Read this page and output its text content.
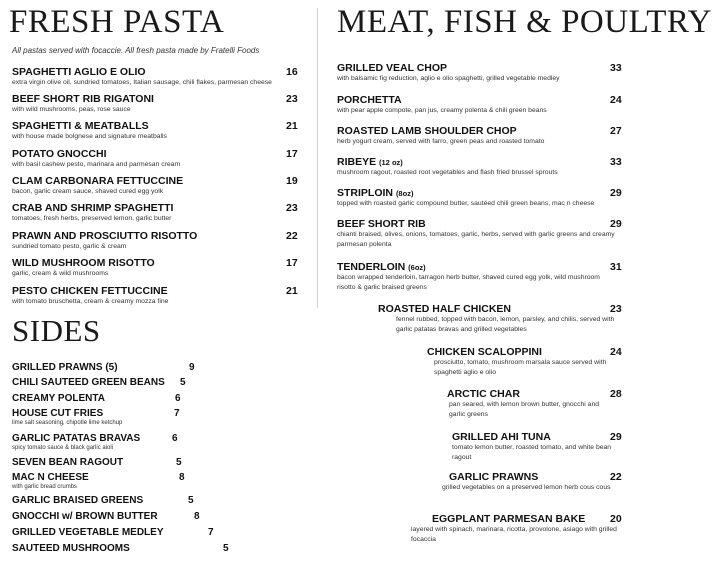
FRESH PASTA
All pastas served with focaccie. All fresh pasta made by Fratelli Foods
MEAT, FISH & POULTRY
SIDES
SPAGHETTI AGLIO E OLIO	16
extra virgin olive oil, sundried tomatoes, Italian sausage, chili flakes, parmesan cheese
BEEF SHORT RIB RIGATONI	23
with wild mushrooms, peas, rose sauce
SPAGHETTI & MEATBALLS	21
with house made bolgnese and signature meatballs
POTATO GNOCCHI	17
with basil cashew pesto, marinara and parmesan cream
CLAM CARBONARA FETTUCCINE	19
bacon, garlic cream sauce, shaved cured egg yolk
CRAB AND SHRIMP SPAGHETTI	23
tomatoes, fresh herbs, preserved lemon, garlic butter
PRAWN AND PROSCIUTTO RISOTTO	22
sundried tomato pesto, garlic & cream
WILD MUSHROOM RISOTTO	17
garlic, cream & wild mushrooms
PESTO CHICKEN FETTUCCINE	21
with tomato bruschetta, cream & creamy mozza fine
GRILLED VEAL CHOP	33
with balsamic fig reduction, aglio e olio spaghetti, grilled vegetable medley
PORCHETTA	24
with pear apple compote, pan jus, creamy polenta & chili green beans
ROASTED LAMB SHOULDER CHOP	27
herb yogurt cream, served with farro, green peas and roasted tomato
RIBEYE (12 oz)	33
mushroom ragout, roasted root vegetables and flash fried brussel sprouts
STRIPLOIN (8oz)	29
topped with roasted garlic compound butter, sautéed chili green beans, mac n cheese
BEEF SHORT RIB	29
chianti braised, olives, onions, tomatoes, garlic, herbs, served with garlic greens and creamy parmesan polenta
TENDERLOIN (6oz)	31
bacon wrapped tenderloin, tarragon herb butter, shaved cured egg yolk, wild mushroom risotto & garlic braised greens
ROASTED HALF CHICKEN	23
fennel rubbed, topped with bacon, lemon, parsley, and chilis, served with garlic patatas bravas and grilled vegetables
CHICKEN SCALOPPINI	24
prosciutto, tomato, mushroom marsala sauce served with spaghetti aglio e olio
ARCTIC CHAR	28
pan seared, with lemon brown butter, gnocchi and garlic greens
GRILLED AHI TUNA	29
tomato lemon butter, roasted tomato, and white bean ragout
GARLIC PRAWNS	22
grilled vegetables on a preserved lemon herb cous cous
EGGPLANT PARMESAN BAKE 20
layered with spinach, marinara, ricotta, provolone, asiago with grilled focaccia
GRILLED PRAWNS (5)	9
CHILI SAUTEED GREEN BEANS 5
CREAMY POLENTA	6
HOUSE CUT FRIES	7
lime salt seasoning, chipotle lime ketchup
GARLIC PATATAS BRAVAS	6
spicy tomato sauce & black garlic aioli
SEVEN BEAN RAGOUT	5
MAC N CHEESE	8
with garlic bread crumbs
GARLIC BRAISED GREENS	5
GNOCCHI w/ BROWN BUTTER	8
GRILLED VEGETABLE MEDLEY	7
SAUTEED MUSHROOMS	5
